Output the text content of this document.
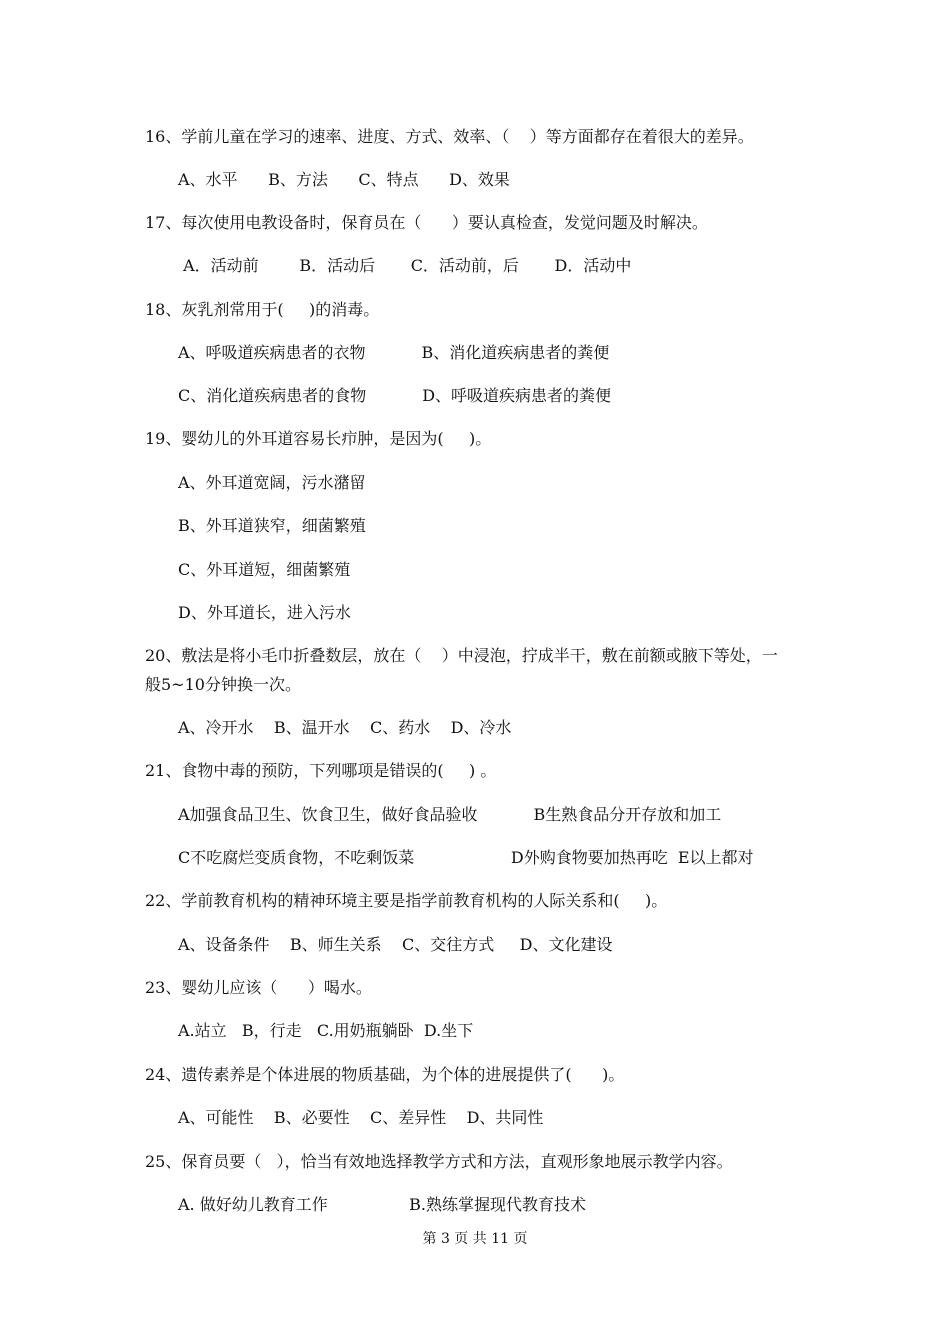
16、学前儿童在学习的速率、进度、方式、效率、（    ）等方面都存在着很大的差异。
A、水平      B、方法      C、特点      D、效果
17、每次使用电教设备时，保育员在（      ）要认真检查，发觉问题及时解决。
A．活动前        B．活动后       C．活动前，后       D．活动中
18、灰乳剂常用于(     )的消毒。
A、呼吸道疾病患者的衣物           B、消化道疾病患者的粪便
C、消化道疾病患者的食物           D、呼吸道疾病患者的粪便
19、婴幼儿的外耳道容易长疖肿，是因为(     )。
A、外耳道宽阔，污水潴留
B、外耳道狭窄，细菌繁殖
C、外耳道短，细菌繁殖
D、外耳道长，进入污水
20、敷法是将小毛巾折叠数层，放在（    ）中浸泡，拧成半干，敷在前额或腋下等处，一
般5~10分钟换一次。
A、冷开水    B、温开水    C、药水    D、冷水
21、食物中毒的预防，下列哪项是错误的(     ) 。
A加强食品卫生、饮食卫生，做好食品验收           B生熟食品分开存放和加工
C不吃腐烂变质食物，不吃剩饭菜                   D外购食物要加热再吃  E以上都对
22、学前教育机构的精神环境主要是指学前教育机构的人际关系和(     )。
A、设备条件    B、师生关系    C、交往方式     D、文化建设
23、婴幼儿应该（      ）喝水。
A.站立   B，行走   C.用奶瓶躺卧  D.坐下
24、遗传素养是个体进展的物质基础，为个体的进展提供了(      )。
A、可能性    B、必要性    C、差异性    D、共同性
25、保育员要（   ），恰当有效地选择教学方式和方法，直观形象地展示教学内容。
A. 做好幼儿教育工作                B.熟练掌握现代教育技术
第 3 页 共 11 页
